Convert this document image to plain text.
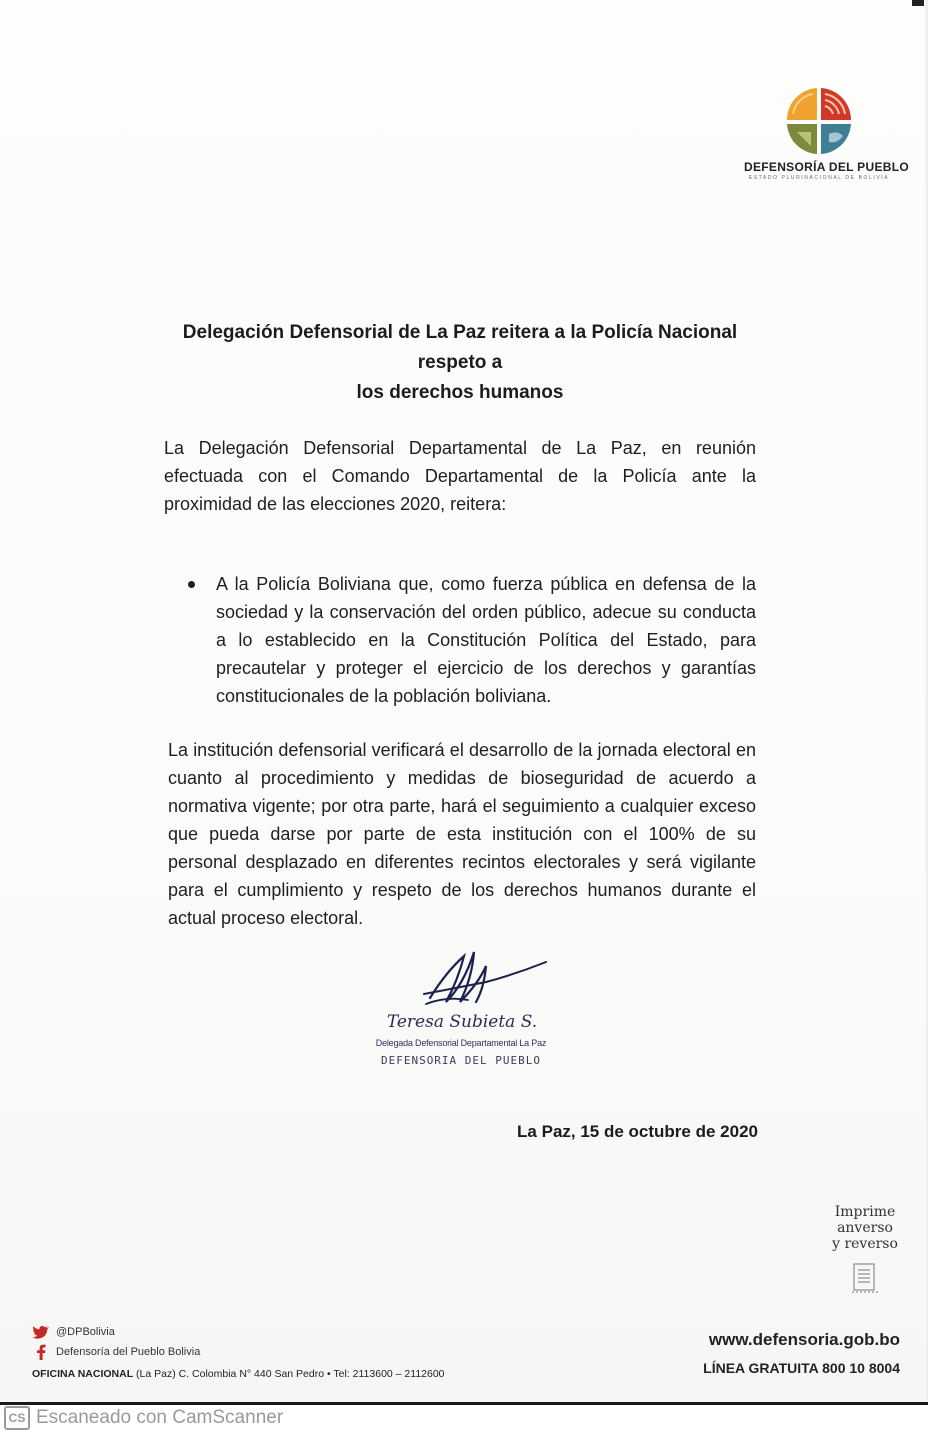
DEFENSORÍA DEL PUEBLO
ESTADO PLURINACIONAL DE BOLIVIA
Delegación Defensorial de La Paz reitera a la Policía Nacional respeto a
los derechos humanos
La Delegación Defensorial Departamental de La Paz, en reunión efectuada con el Comando Departamental de la Policía ante la proximidad de las elecciones 2020, reitera:
A la Policía Boliviana que, como fuerza pública en defensa de la sociedad y la conservación del orden público, adecue su conducta a lo establecido en la Constitución Política del Estado, para precautelar y proteger el ejercicio de los derechos y garantías constitucionales de la población boliviana.
La institución defensorial verificará el desarrollo de la jornada electoral en cuanto al procedimiento y medidas de bioseguridad de acuerdo a normativa vigente; por otra parte, hará el seguimiento a cualquier exceso que pueda darse por parte de esta institución con el 100% de su personal desplazado en diferentes recintos electorales y será vigilante para el cumplimiento y respeto de los derechos humanos durante el actual proceso electoral.
Teresa Subieta S.
Delegada Defensorial Departamental La Paz
DEFENSORIA DEL PUEBLO
La Paz, 15 de octubre de 2020
Imprime
anverso
y reverso
@DPBolivia
Defensoría del Pueblo Bolivia
OFICINA NACIONAL (La Paz) C. Colombia N° 440 San Pedro • Tel: 2113600 – 2112600
www.defensoria.gob.bo
LÍNEA GRATUITA 800 10 8004
CS Escaneado con CamScanner
